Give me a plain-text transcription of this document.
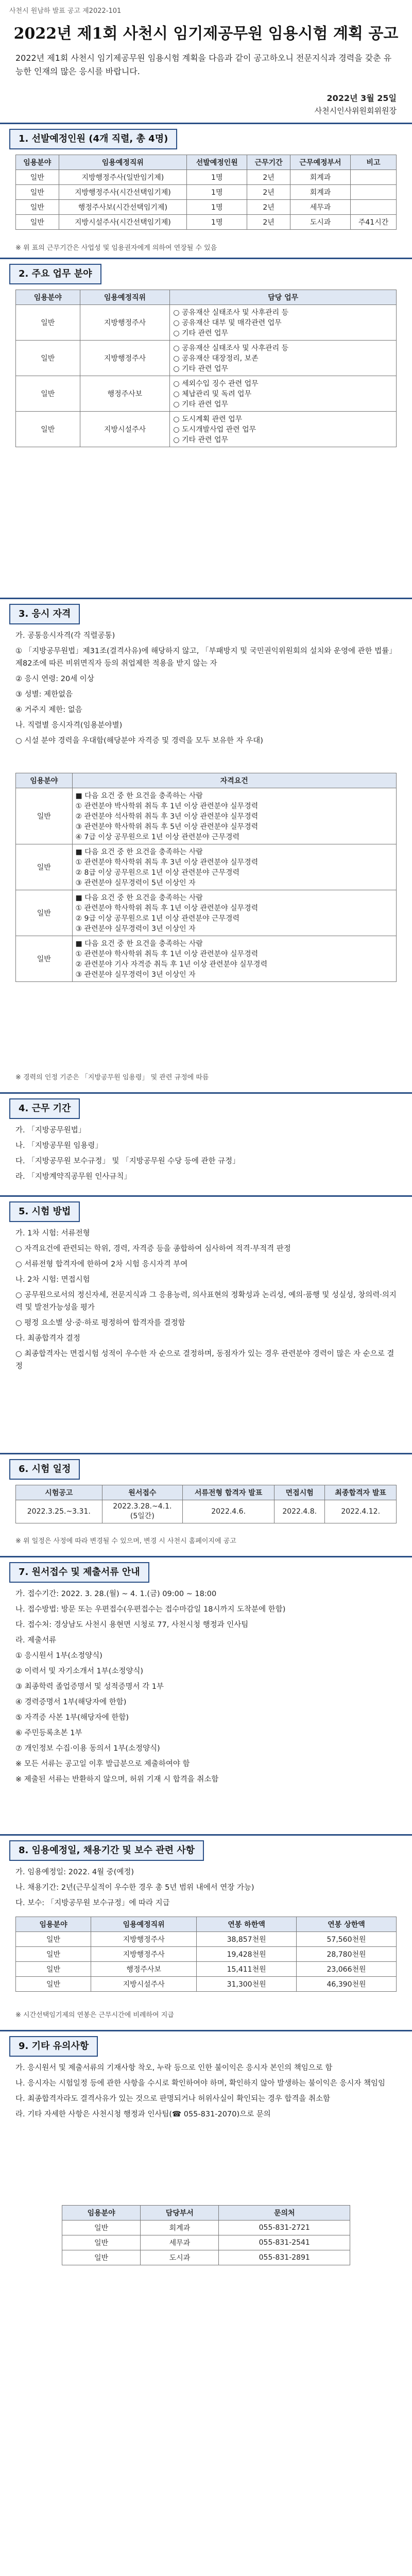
사천시 원남하 발표 공고 제2022-101
2022년 제1회 사천시 임기제공무원 임용시험 계획 공고
2022년 제1회 사천시 임기제공무원 임용시험 계획을 다음과 같이 공고하오니 전문지식과 경력을 갖춘 유능한 인재의 많은 응시를 바랍니다.
2022년 3월 25일
사천시인사위원회위원장
1. 선발예정인원 (4개 직렬, 총 4명)
임용분야	임용예정직위	선발예정인원	근무기간	근무예정부서	비고
일반	지방행정주사(일반임기제)	1명	2년	회계과	
일반	지방행정주사(시간선택임기제)	1명	2년	회계과	
일반	행정주사보(시간선택임기제)	1명	2년	세무과	
일반	지방시설주사(시간선택임기제)	1명	2년	도시과	주41시간
※ 위 표의 근무기간은 사업성 및 임용권자에게 의하여 연장될 수 있음
2. 주요 업무 분야
임용분야	임용예정직위	담당 업무
일반	지방행정주사	○ 공유재산 실태조사 및 사후관리 등
○ 공유재산 대부 및 매각관련 업무
○ 기타 관련 업무
일반	지방행정주사	○ 공유재산 실태조사 및 사후관리 등
○ 공유재산 대장정리, 보존
○ 기타 관련 업무
일반	행정주사보	○ 세외수입 징수 관련 업무
○ 체납관리 및 독려 업무
○ 기타 관련 업무
일반	지방시설주사	○ 도시계획 관련 업무
○ 도시개발사업 관련 업무
○ 기타 관련 업무
3. 응시 자격

가. 공통응시자격(각 직렬공통)

① 「지방공무원법」제31조(결격사유)에 해당하지 않고, 「부패방지 및 국민권익위원회의 설치와 운영에 관한 법률」제82조에 따른 비위면직자 등의 취업제한 적용을 받지 않는 자

② 응시 연령: 20세 이상

③ 성별: 제한없음

④ 거주지 제한: 없음

나. 직렬별 응시자격(임용분야별)

○ 시설 분야 경력을 우대함(해당분야 자격증 및 경력을 모두 보유한 자 우대)

임용분야	자격요건
일반	■ 다음 요건 중 한 요건을 충족하는 사람
① 관련분야 박사학위 취득 후 1년 이상 관련분야 실무경력
② 관련분야 석사학위 취득 후 3년 이상 관련분야 실무경력
③ 관련분야 학사학위 취득 후 5년 이상 관련분야 실무경력
④ 7급 이상 공무원으로 1년 이상 관련분야 근무경력
일반	■ 다음 요건 중 한 요건을 충족하는 사람
① 관련분야 학사학위 취득 후 3년 이상 관련분야 실무경력
② 8급 이상 공무원으로 1년 이상 관련분야 근무경력
③ 관련분야 실무경력이 5년 이상인 자
일반	■ 다음 요건 중 한 요건을 충족하는 사람
① 관련분야 학사학위 취득 후 1년 이상 관련분야 실무경력
② 9급 이상 공무원으로 1년 이상 관련분야 근무경력
③ 관련분야 실무경력이 3년 이상인 자
일반	■ 다음 요건 중 한 요건을 충족하는 사람
① 관련분야 학사학위 취득 후 1년 이상 관련분야 실무경력
② 관련분야 기사 자격증 취득 후 1년 이상 관련분야 실무경력
③ 관련분야 실무경력이 3년 이상인 자
※ 경력의 인정 기준은 「지방공무원 임용령」 및 관련 규정에 따름
4. 근무 기간

가. 「지방공무원법」

나. 「지방공무원 임용령」

다. 「지방공무원 보수규정」 및 「지방공무원 수당 등에 관한 규정」

라. 「지방계약직공무원 인사규칙」

5. 시험 방법

가. 1차 시험: 서류전형

○ 자격요건에 관련되는 학위, 경력, 자격증 등을 종합하여 심사하여 적격·부적격 판정

○ 서류전형 합격자에 한하여 2차 시험 응시자격 부여

나. 2차 시험: 면접시험

○ 공무원으로서의 정신자세, 전문지식과 그 응용능력, 의사표현의 정확성과 논리성, 예의·품행 및 성실성, 창의력·의지력 및 발전가능성을 평가

○ 평정 요소별 상·중·하로 평정하여 합격자를 결정함

다. 최종합격자 결정

○ 최종합격자는 면접시험 성적이 우수한 자 순으로 결정하며, 동점자가 있는 경우 관련분야 경력이 많은 자 순으로 결정

6. 시험 일정
시험공고	원서접수	서류전형 합격자 발표	면접시험	최종합격자 발표
2022.3.25.~3.31.	2022.3.28.~4.1.
(5일간)	2022.4.6.	2022.4.8.	2022.4.12.
※ 위 일정은 사정에 따라 변경될 수 있으며, 변경 시 사천시 홈페이지에 공고
7. 원서접수 및 제출서류 안내

가. 접수기간: 2022. 3. 28.(월) ~ 4. 1.(금) 09:00 ~ 18:00

나. 접수방법: 방문 또는 우편접수(우편접수는 접수마감일 18시까지 도착분에 한함)

다. 접수처: 경상남도 사천시 용현면 시청로 77, 사천시청 행정과 인사팀

라. 제출서류

① 응시원서 1부(소정양식)

② 이력서 및 자기소개서 1부(소정양식)

③ 최종학력 졸업증명서 및 성적증명서 각 1부

④ 경력증명서 1부(해당자에 한함)

⑤ 자격증 사본 1부(해당자에 한함)

⑥ 주민등록초본 1부

⑦ 개인정보 수집·이용 동의서 1부(소정양식)

※ 모든 서류는 공고일 이후 발급분으로 제출하여야 함

※ 제출된 서류는 반환하지 않으며, 허위 기재 시 합격을 취소함

8. 임용예정일, 채용기간 및 보수 관련 사항

가. 임용예정일: 2022. 4월 중(예정)

나. 채용기간: 2년(근무실적이 우수한 경우 총 5년 범위 내에서 연장 가능)

다. 보수: 「지방공무원 보수규정」에 따라 지급

임용분야	임용예정직위	연봉 하한액	연봉 상한액
일반	지방행정주사	38,857천원	57,560천원
일반	지방행정주사	19,428천원	28,780천원
일반	행정주사보	15,411천원	23,066천원
일반	지방시설주사	31,300천원	46,390천원
※ 시간선택임기제의 연봉은 근무시간에 비례하여 지급
9. 기타 유의사항

가. 응시원서 및 제출서류의 기재사항 착오, 누락 등으로 인한 불이익은 응시자 본인의 책임으로 함

나. 응시자는 시험일정 등에 관한 사항을 수시로 확인하여야 하며, 확인하지 않아 발생하는 불이익은 응시자 책임임

다. 최종합격자라도 결격사유가 있는 것으로 판명되거나 허위사실이 확인되는 경우 합격을 취소함

라. 기타 자세한 사항은 사천시청 행정과 인사팀(☎ 055-831-2070)으로 문의

임용분야	담당부서	문의처
일반	회계과	055-831-2721
일반	세무과	055-831-2541
일반	도시과	055-831-2891
